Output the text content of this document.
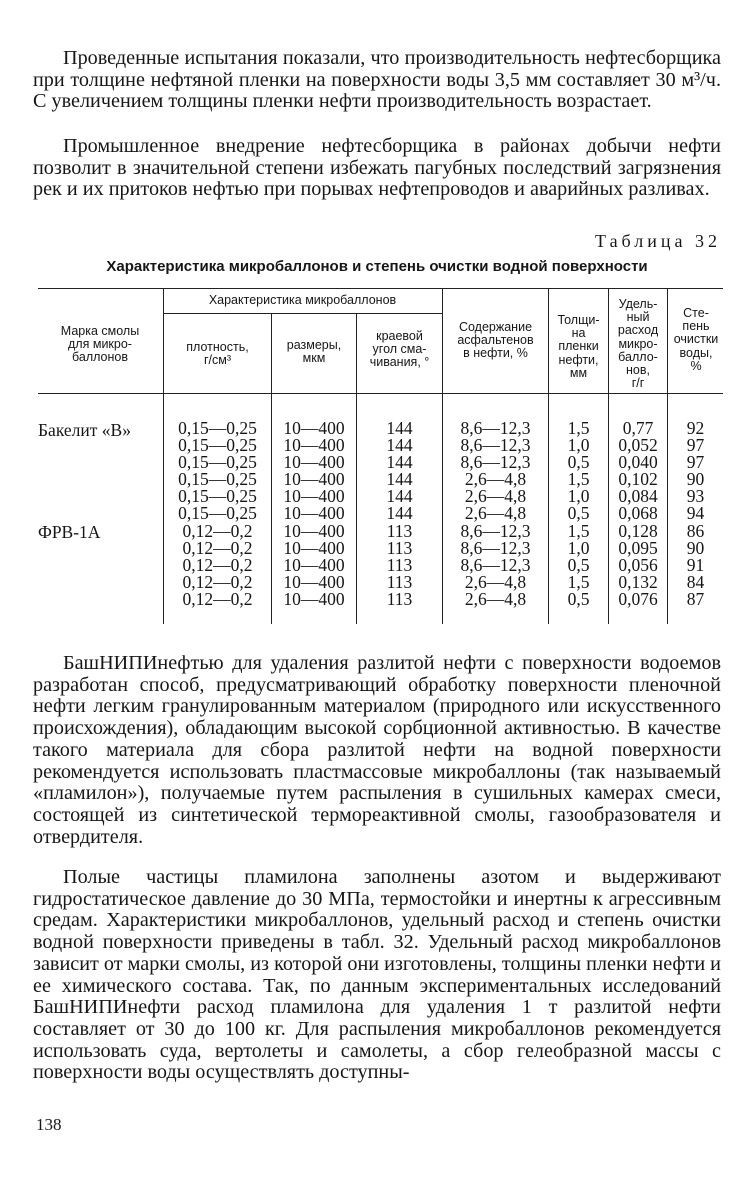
Проведенные испытания показали, что производительность нефтесборщика при толщине нефтяной пленки на поверхности воды 3,5 мм составляет 30 м³/ч. С увеличением толщины пленки нефти производительность возрастает.

Промышленное внедрение нефтесборщика в районах добычи нефти позволит в значительной степени избежать пагубных последствий загрязнения рек и их притоков нефтью при порывах нефтепроводов и аварийных разливах.

Таблица 32
Характеристика микробаллонов и степень очистки водной поверхности
Марка смолы
для микро-
баллонов
Характеристика микробаллонов
плотность,
г/см³
размеры,
мкм
краевой
угол сма-
чивания, °
Содержание
асфальтенов
в нефти, %
Толщи-
на
пленки
нефти,
мм
Удель-
ный
расход
микро-
балло-
нов,
г/г
Сте-
пень
очистки
воды,
%
Бакелит «В»
ФРВ-1А
0,15—0,25
0,15—0,25
0,15—0,25
0,15—0,25
0,15—0,25
0,15—0,25
0,12—0,2
0,12—0,2
0,12—0,2
0,12—0,2
0,12—0,2
10—400
10—400
10—400
10—400
10—400
10—400
10—400
10—400
10—400
10—400
10—400
144
144
144
144
144
144
113
113
113
113
113
8,6—12,3
8,6—12,3
8,6—12,3
2,6—4,8
2,6—4,8
2,6—4,8
8,6—12,3
8,6—12,3
8,6—12,3
2,6—4,8
2,6—4,8
1,5
1,0
0,5
1,5
1,0
0,5
1,5
1,0
0,5
1,5
0,5
0,77
0,052
0,040
0,102
0,084
0,068
0,128
0,095
0,056
0,132
0,076
92
97
97
90
93
94
86
90
91
84
87

БашНИПИнефтью для удаления разлитой нефти с поверхности водоемов разработан способ, предусматривающий обработку поверхности пленочной нефти легким гранулированным материалом (природного или искусственного происхождения), обладающим высокой сорбционной активностью. В качестве такого материала для сбора разлитой нефти на водной поверхности рекомендуется использовать пластмассовые микробаллоны (так называемый «пламилон»), получаемые путем распыления в сушильных камерах смеси, состоящей из синтетической термореактивной смолы, газообразователя и отвердителя.

Полые частицы пламилона заполнены азотом и выдерживают гидростатическое давление до 30 МПа, термостойки и инертны к агрессивным средам. Характеристики микробаллонов, удельный расход и степень очистки водной поверхности приведены в табл. 32. Удельный расход микробаллонов зависит от марки смолы, из которой они изготовлены, толщины пленки нефти и ее химического состава. Так, по данным экспериментальных исследований БашНИПИнефти расход пламилона для удаления 1 т разлитой нефти составляет от 30 до 100 кг. Для распыления микробаллонов рекомендуется использовать суда, вертолеты и самолеты, а сбор гелеобразной массы с поверхности воды осуществлять доступны-

138
